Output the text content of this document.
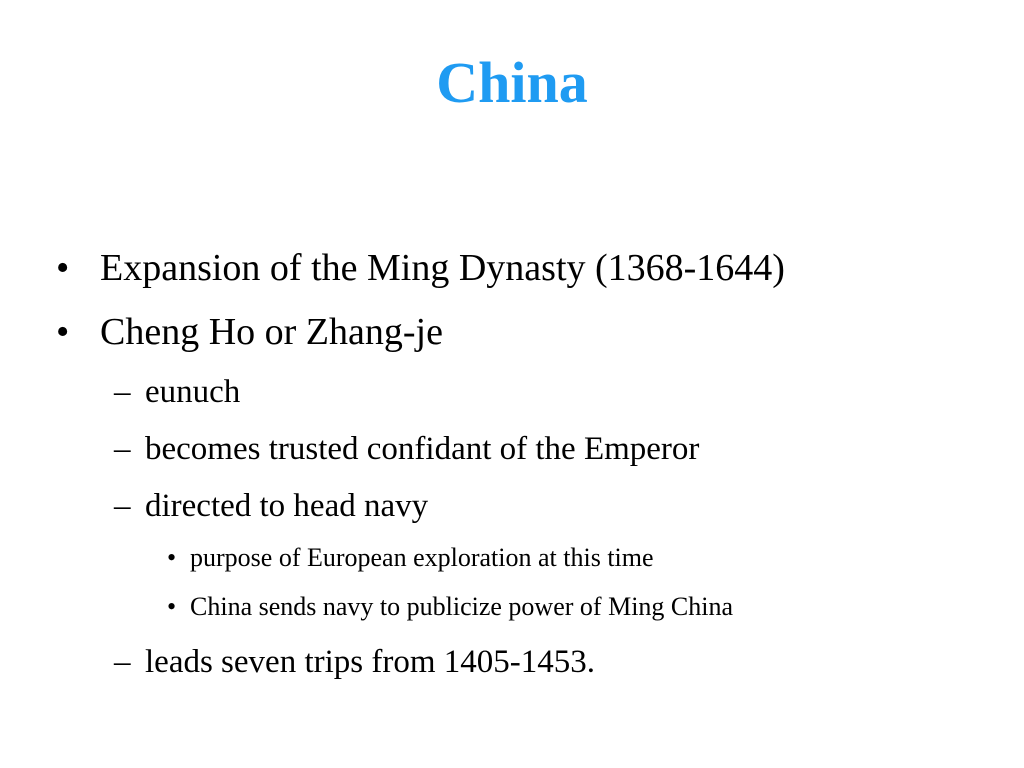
China
• Expansion of the Ming Dynasty (1368-1644)
• Cheng Ho or Zhang-je
– eunuch
– becomes trusted confidant of the Emperor
– directed to head navy
• purpose of European exploration at this time
• China sends navy to publicize power of Ming China
– leads seven trips from 1405-1453.
